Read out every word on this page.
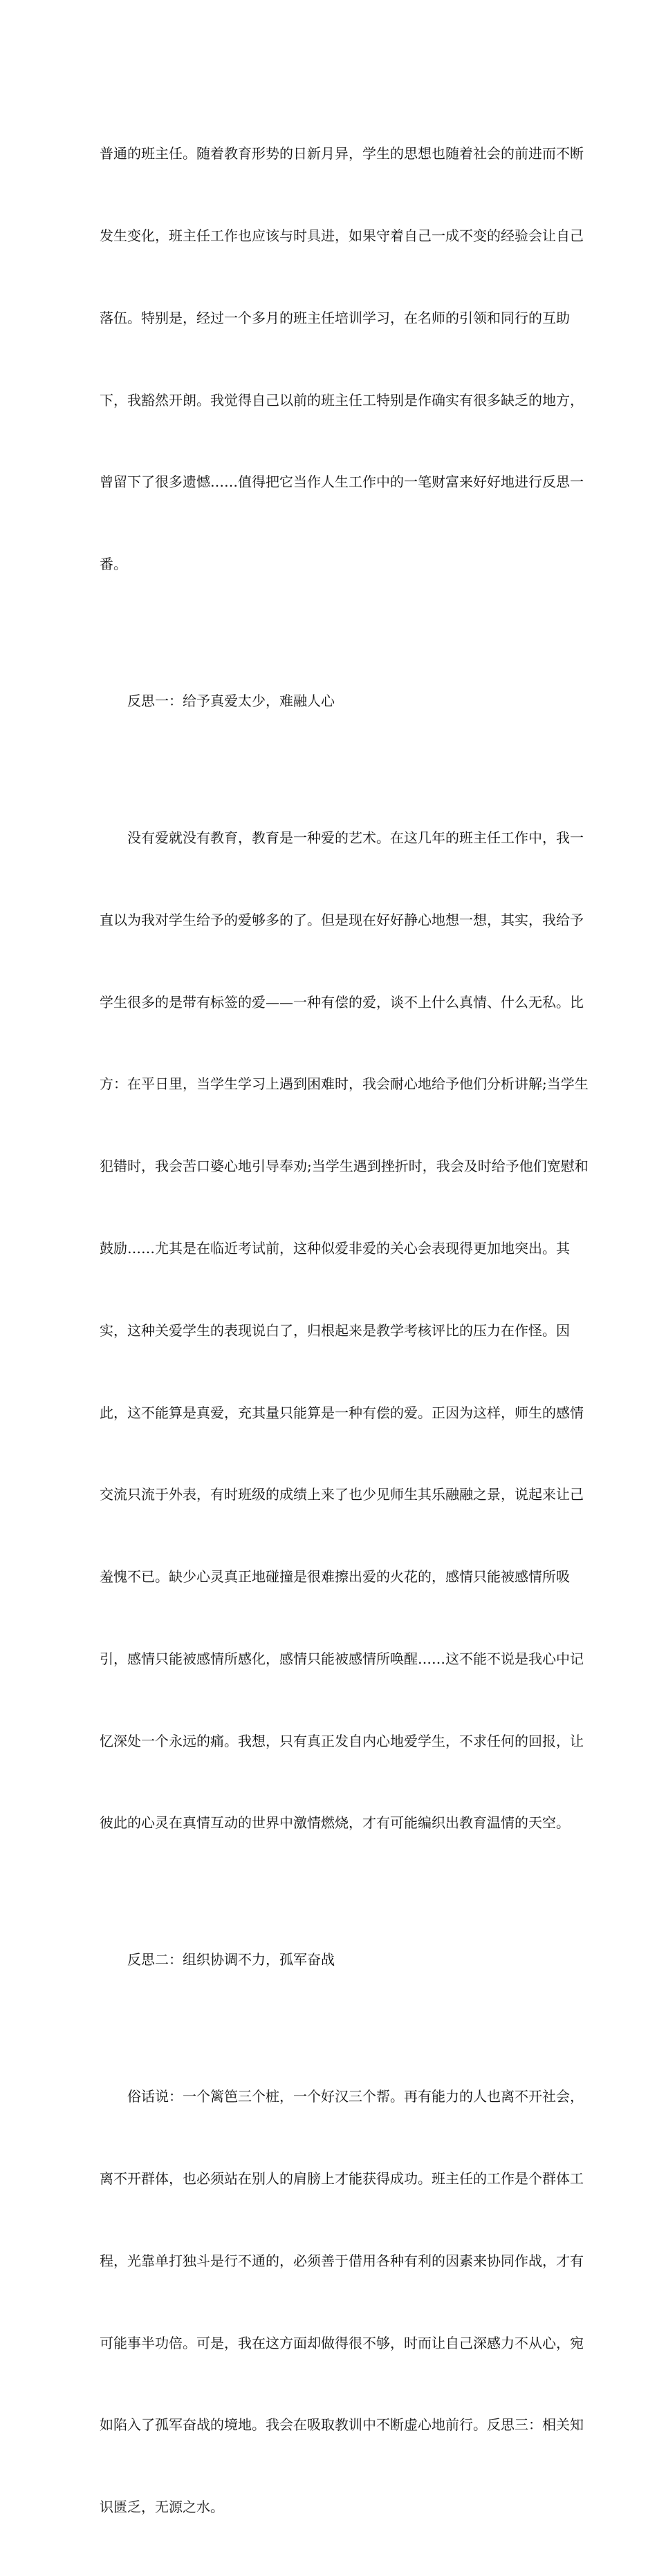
普通的班主任。随着教育形势的日新月异，学生的思想也随着社会的前进而不断

发生变化，班主任工作也应该与时具进，如果守着自己一成不变的经验会让自己

落伍。特别是，经过一个多月的班主任培训学习，在名师的引领和同行的互助

下，我豁然开朗。我觉得自己以前的班主任工特别是作确实有很多缺乏的地方，

曾留下了很多遗憾……值得把它当作人生工作中的一笔财富来好好地进行反思一

番。

　　反思一：给予真爱太少，难融人心

　　没有爱就没有教育，教育是一种爱的艺术。在这几年的班主任工作中，我一

直以为我对学生给予的爱够多的了。但是现在好好静心地想一想，其实，我给予

学生很多的是带有标签的爱——一种有偿的爱，谈不上什么真情、什么无私。比

方：在平日里，当学生学习上遇到困难时，我会耐心地给予他们分析讲解;当学生

犯错时，我会苦口婆心地引导奉劝;当学生遇到挫折时，我会及时给予他们宽慰和

鼓励……尤其是在临近考试前，这种似爱非爱的关心会表现得更加地突出。其

实，这种关爱学生的表现说白了，归根起来是教学考核评比的压力在作怪。因

此，这不能算是真爱，充其量只能算是一种有偿的爱。正因为这样，师生的感情

交流只流于外表，有时班级的成绩上来了也少见师生其乐融融之景，说起来让己

羞愧不已。缺少心灵真正地碰撞是很难擦出爱的火花的，感情只能被感情所吸

引，感情只能被感情所感化，感情只能被感情所唤醒……这不能不说是我心中记

忆深处一个永远的痛。我想，只有真正发自内心地爱学生，不求任何的回报，让

彼此的心灵在真情互动的世界中激情燃烧，才有可能编织出教育温情的天空。

　　反思二：组织协调不力，孤军奋战

　　俗话说：一个篱笆三个桩，一个好汉三个帮。再有能力的人也离不开社会，

离不开群体，也必须站在别人的肩膀上才能获得成功。班主任的工作是个群体工

程，光靠单打独斗是行不通的，必须善于借用各种有利的因素来协同作战，才有

可能事半功倍。可是，我在这方面却做得很不够，时而让自己深感力不从心，宛

如陷入了孤军奋战的境地。我会在吸取教训中不断虚心地前行。反思三：相关知

识匮乏，无源之水。
